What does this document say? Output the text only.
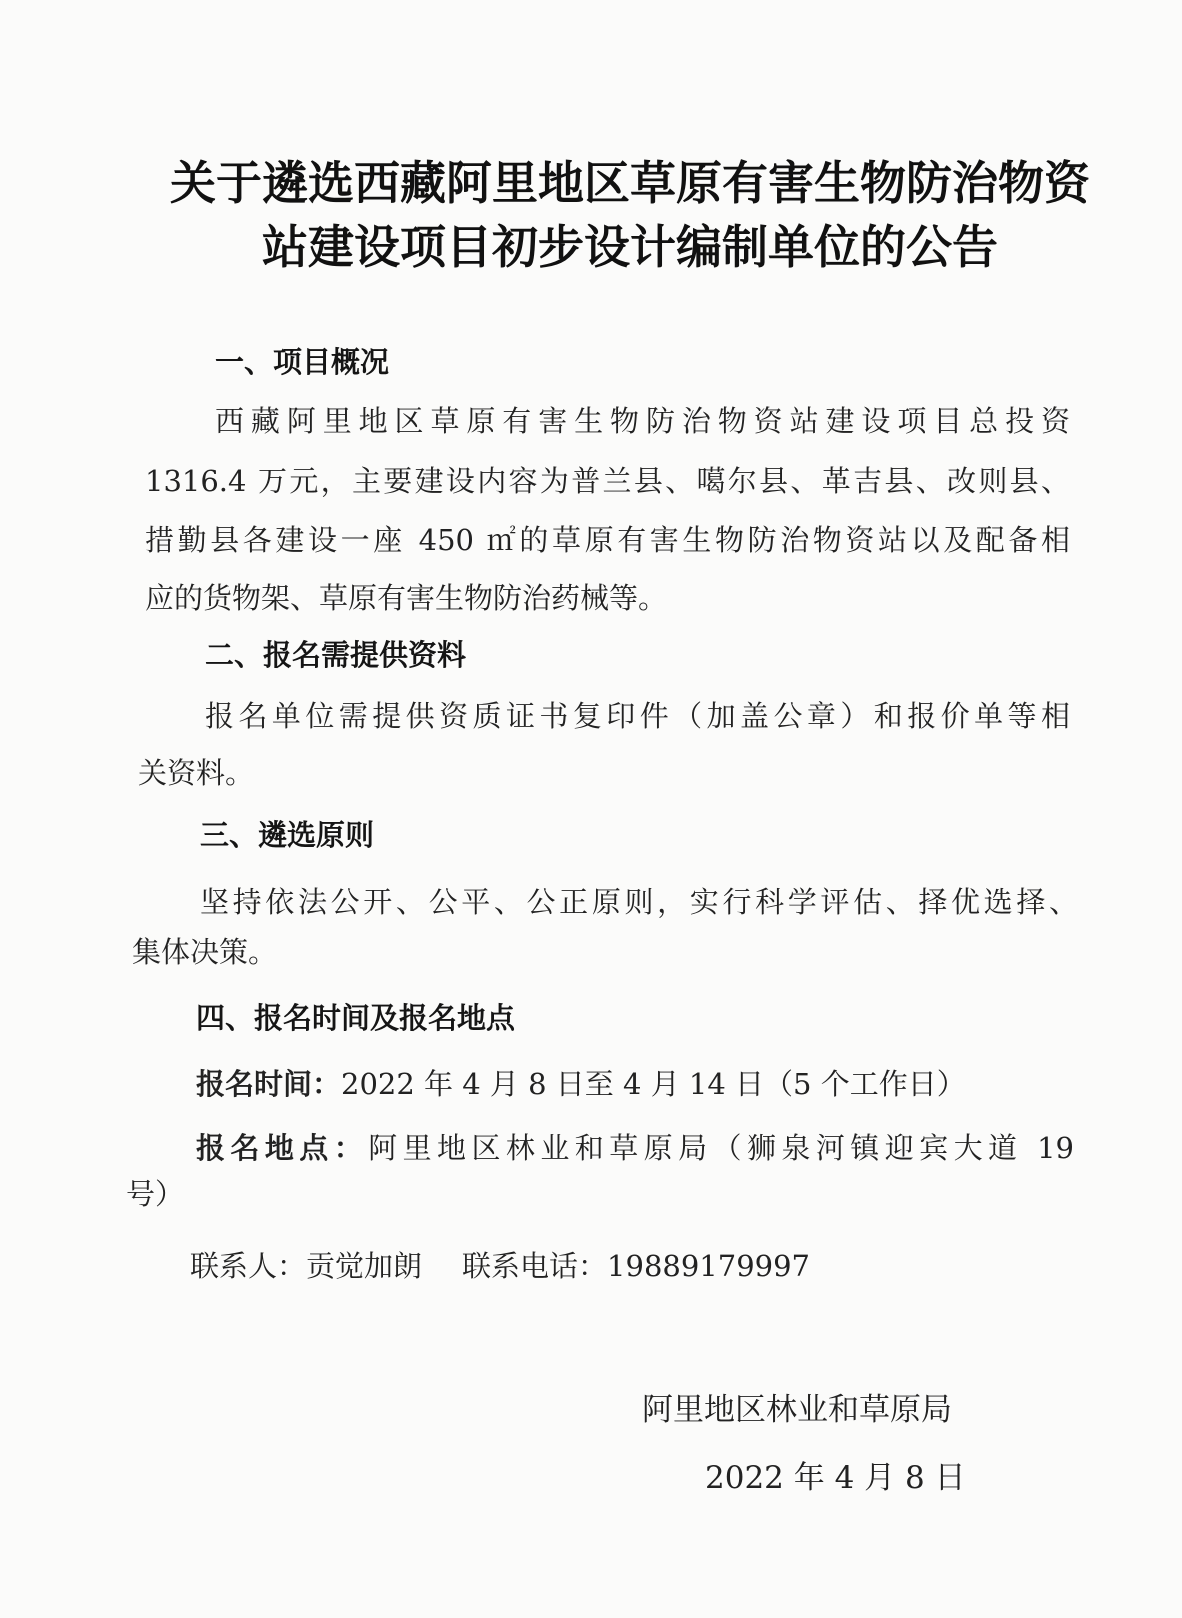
关于遴选西藏阿里地区草原有害生物防治物资
站建设项目初步设计编制单位的公告
一、项目概况
西藏阿里地区草原有害生物防治物资站建设项目总投资
1316.4 万元，主要建设内容为普兰县、噶尔县、革吉县、改则县、
措勤县各建设一座 450 ㎡的草原有害生物防治物资站以及配备相
应的货物架、草原有害生物防治药械等。
二、报名需提供资料
报名单位需提供资质证书复印件（加盖公章）和报价单等相
关资料。
三、遴选原则
坚持依法公开、公平、公正原则，实行科学评估、择优选择、
集体决策。
四、报名时间及报名地点
报名时间：2022 年 4 月 8 日至 4 月 14 日（5 个工作日）
报名地点：阿里地区林业和草原局（狮泉河镇迎宾大道 19
号）
联系人：贡觉加朗 联系电话：19889179997
阿里地区林业和草原局
2022 年 4 月 8 日
